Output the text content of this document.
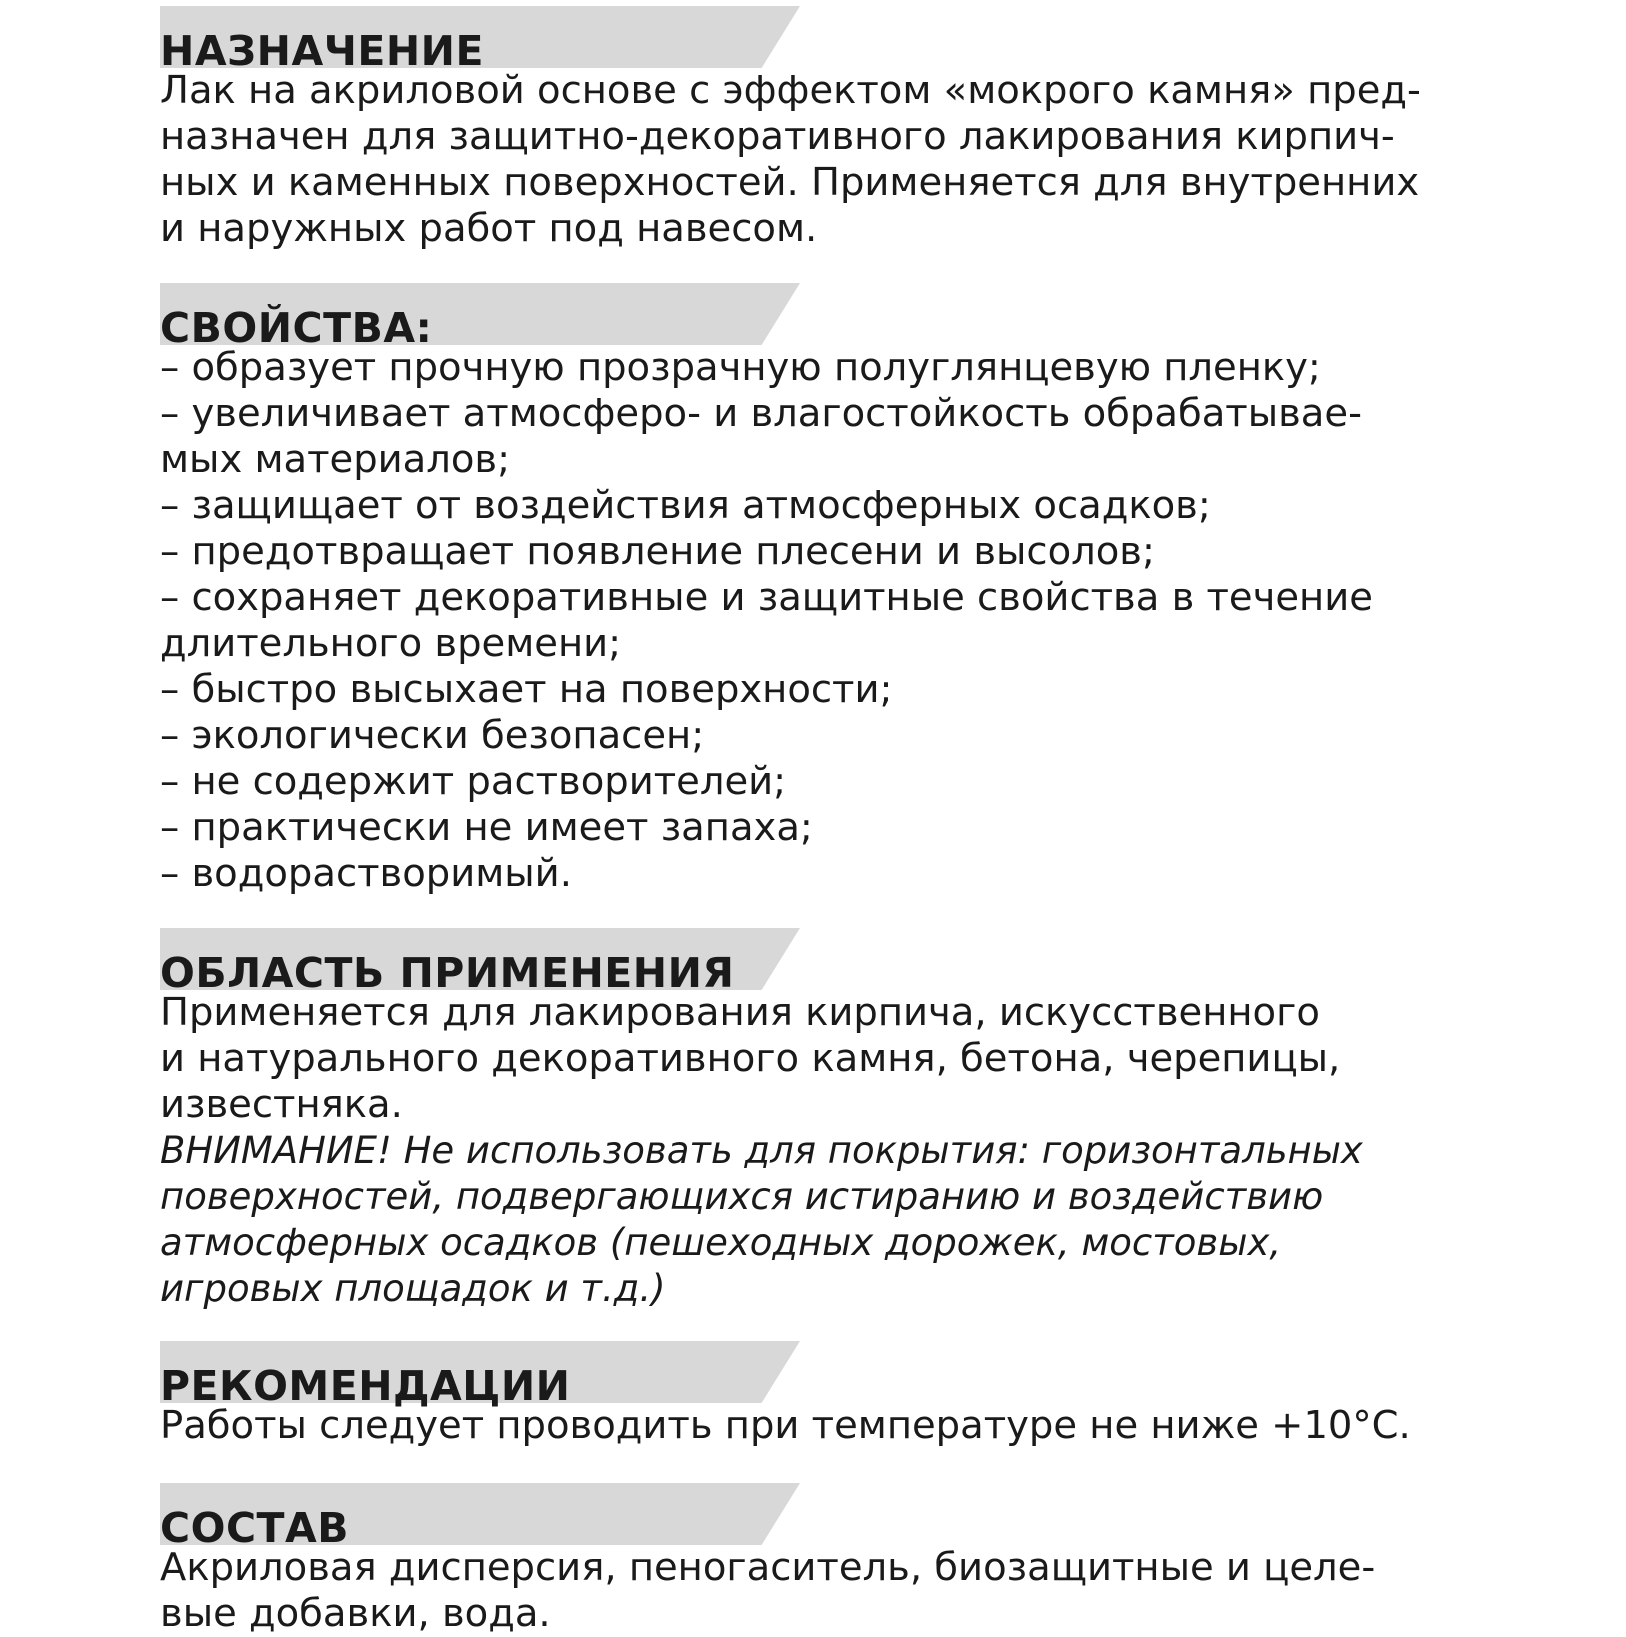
НАЗНАЧЕНИЕ

Лак на акриловой основе с эффектом «мокрого камня» пред-
назначен для защитно-декоративного лакирования кирпич-
ных и каменных поверхностей. Применяется для внутренних
и наружных работ под навесом.

СВОЙСТВА:

– образует прочную прозрачную полуглянцевую пленку;
– увеличивает атмосферо- и влагостойкость обрабатывае-
мых материалов;
– защищает от воздействия атмосферных осадков;
– предотвращает появление плесени и высолов;
– сохраняет декоративные и защитные свойства в течение
длительного времени;
– быстро высыхает на поверхности;
– экологически безопасен;
– не содержит растворителей;
– практически не имеет запаха;
– водорастворимый.

ОБЛАСТЬ ПРИМЕНЕНИЯ

Применяется для лакирования кирпича, искусственного
и натурального декоративного камня, бетона, черепицы,
известняка.
ВНИМАНИЕ! Не использовать для покрытия: горизонтальных
поверхностей, подвергающихся истиранию и воздействию
атмосферных осадков (пешеходных дорожек, мостовых,
игровых площадок и т.д.)

РЕКОМЕНДАЦИИ

Работы следует проводить при температуре не ниже +10°С.

СОСТАВ

Акриловая дисперсия, пеногаситель, биозащитные и целе-
вые добавки, вода.
